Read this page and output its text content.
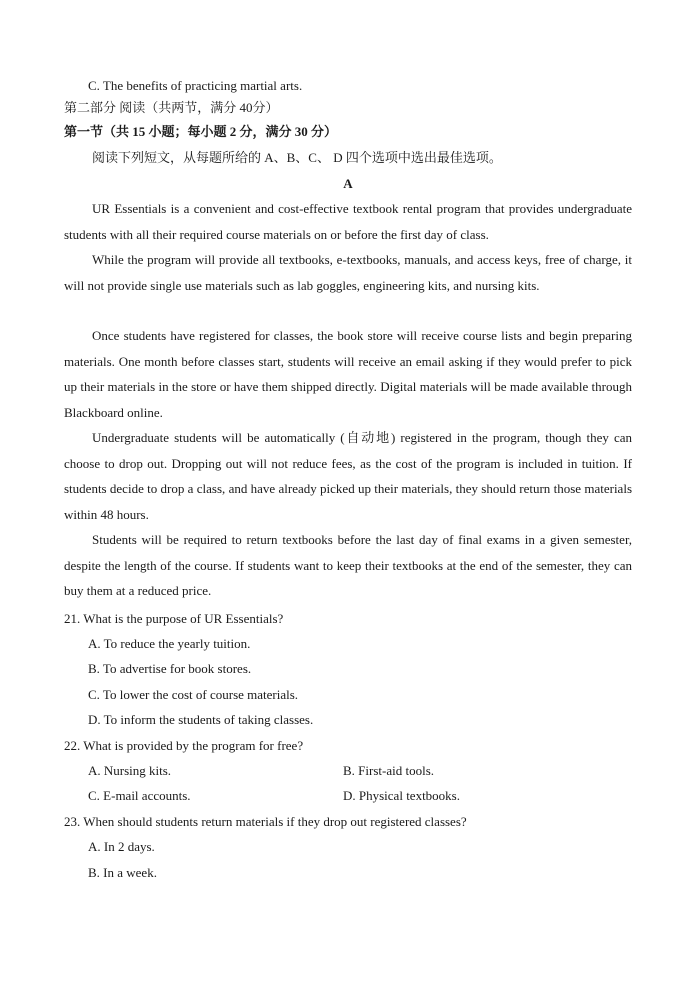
C. The benefits of practicing martial arts.
第二部分 阅读（共两节，满分 40分）
第一节（共 15 小题；每小题 2 分，满分 30 分）
阅读下列短文，从每题所给的 A、B、C、 D 四个选项中选出最佳选项。
A
UR Essentials is a convenient and cost-effective textbook rental program that provides undergraduate students with all their required course materials on or before the first day of class.
While the program will provide all textbooks, e-textbooks, manuals, and access keys, free of charge, it will not provide single use materials such as lab goggles, engineering kits, and nursing kits.
Once students have registered for classes, the book store will receive course lists and begin preparing materials. One month before classes start, students will receive an email asking if they would prefer to pick up their materials in the store or have them shipped directly. Digital materials will be made available through Blackboard online.
Undergraduate students will be automatically (自动地) registered in the program, though they can choose to drop out. Dropping out will not reduce fees, as the cost of the program is included in tuition. If students decide to drop a class, and have already picked up their materials, they should return those materials within 48 hours.
Students will be required to return textbooks before the last day of final exams in a given semester, despite the length of the course. If students want to keep their textbooks at the end of the semester, they can buy them at a reduced price.
21. What is the purpose of UR Essentials?
A. To reduce the yearly tuition.
B. To advertise for book stores.
C. To lower the cost of course materials.
D. To inform the students of taking classes.
22. What is provided by the program for free?
A. Nursing kits.	B. First-aid tools.
C. E-mail accounts.	D. Physical textbooks.
23. When should students return materials if they drop out registered classes?
A. In 2 days.
B. In a week.
